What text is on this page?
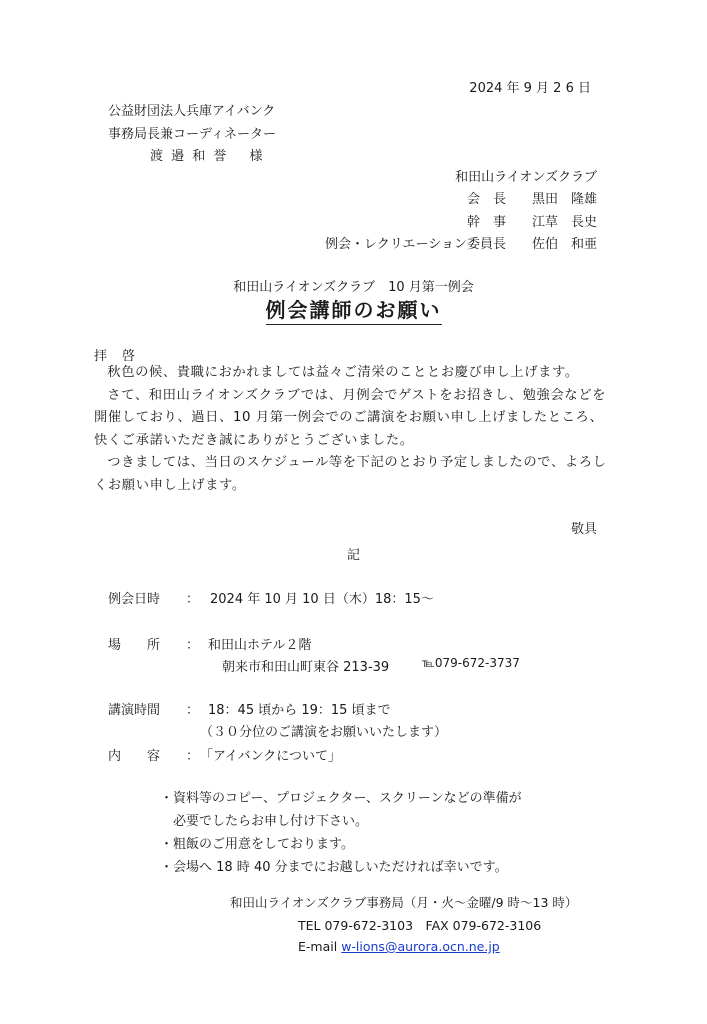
2024 年 9 月 2 6 日
公益財団法人兵庫アイバンク
事務局長兼コーディネーター
渡 邉 和 誉　 様
和田山ライオンズクラブ
会　長 黒田　隆雄
幹　事 江草　長史
例会・レクリエーション委員長 佐伯　和亜
和田山ライオンズクラブ　10 月第一例会
例会講師のお願い
拝　啓

秋色の候、貴職におかれましては益々ご清栄のこととお慶び申し上げます。

さて、和田山ライオンズクラブでは、月例会でゲストをお招きし、勉強会などを開催しており、過日、10 月第一例会でのご講演をお願い申し上げましたところ、快くご承諾いただき誠にありがとうございました。

つきましては、当日のスケジュール等を下記のとおり予定しましたので、よろしくお願い申し上げます。

敬具
記
例会日時 ： 2024 年 10 月 10 日（木）18：15～
場　　所 ： 和田山ホテル２階
朝来市和田山町東谷 213-39	℡079-672-3737
講演時間 ： 18：45 頃から 19：15 頃まで
（３０分位のご講演をお願いいたします）
内　　容 ： 「アイバンクについて」
・資料等のコピー、プロジェクター、スクリーンなどの準備が
　必要でしたらお申し付け下さい。
・粗飯のご用意をしております。
・会場へ 18 時 40 分までにお越しいただければ幸いです。
和田山ライオンズクラブ事務局（月・火～金曜/9 時～13 時）
TEL 079-672-3103　FAX 079-672-3106
E-mail w-lions@aurora.ocn.ne.jp
